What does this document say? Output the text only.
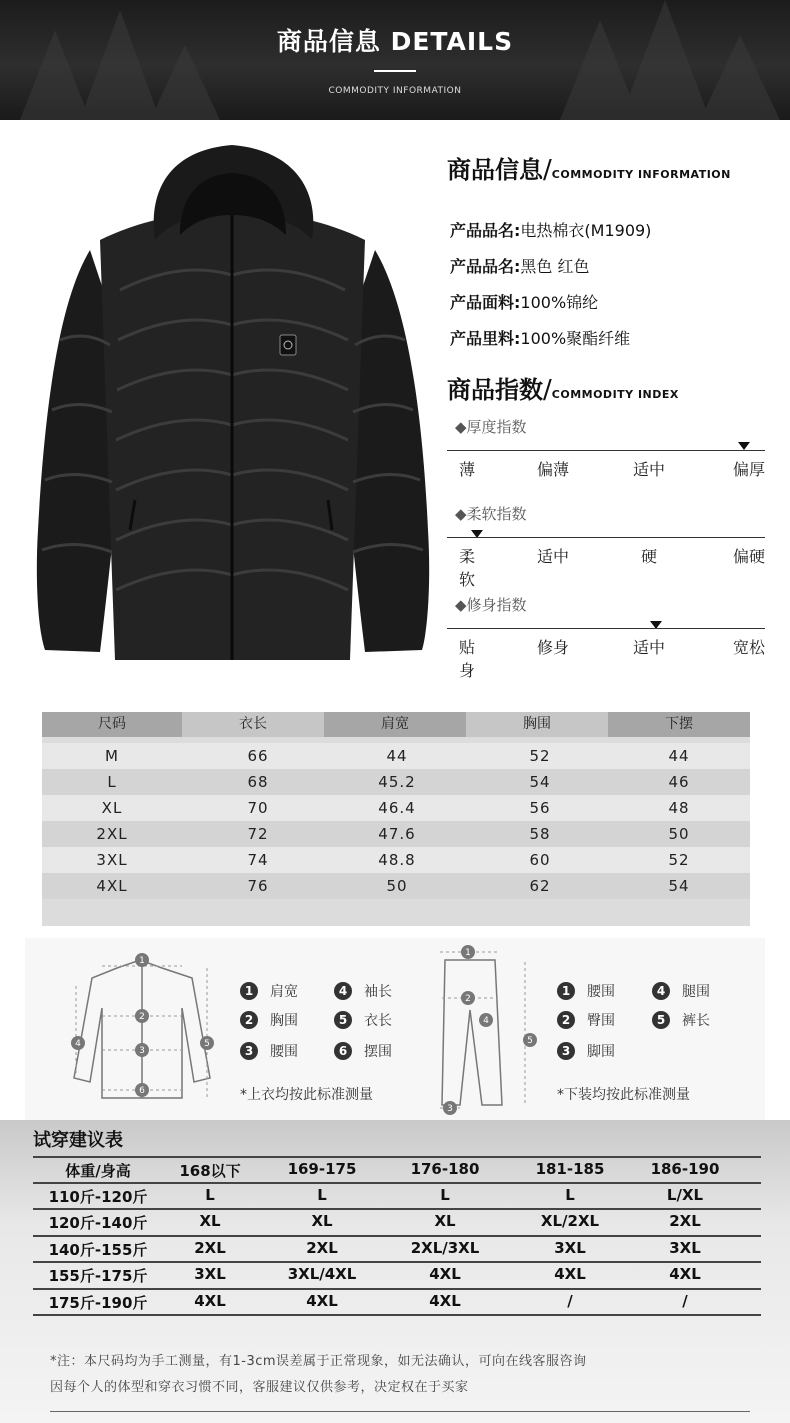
商品信息 DETAILS
COMMODITY INFORMATION
商品信息/COMMODITY INFORMATION
产品品名:电热棉衣(M1909)
产品品名:黑色 红色
产品面料:100%锦纶
产品里料:100%聚酯纤维
商品指数/COMMODITY INDEX
◆厚度指数
薄	偏薄	适中	偏厚
◆柔软指数
柔软
适中	硬	偏硬
◆修身指数
贴身
修身	适中	宽松
尺码	衣长	肩宽	胸围	下摆
M	66	44	52	44
L	68	45.2	54	46
XL	70	46.4	56	48
2XL	72	47.6	58	50
3XL	74	48.8	60	52
4XL	76	50	62	54
1
2
3
4	5
6
1	肩宽	4	袖长
2	胸围	5	衣长
3	腰围	6	摆围
*上衣均按此标准测量
1
2
3
4
5
1	腰围	4	腿围
2	臀围	5	裤长
3	脚围
*下装均按此标准测量
试穿建议表
体重/身高	168以下	169-175	176-180	181-185	186-190
110斤-120斤	L	L	L	L	L/XL
120斤-140斤	XL	XL	XL	XL/2XL	2XL
140斤-155斤	2XL	2XL	2XL/3XL	3XL	3XL
155斤-175斤	3XL	3XL/4XL	4XL	4XL	4XL
175斤-190斤	4XL	4XL	4XL	/	/
*注：本尺码均为手工测量，有1-3cm误差属于正常现象，如无法确认，可向在线客服咨询
因每个人的体型和穿衣习惯不同，客服建议仅供参考，决定权在于买家
